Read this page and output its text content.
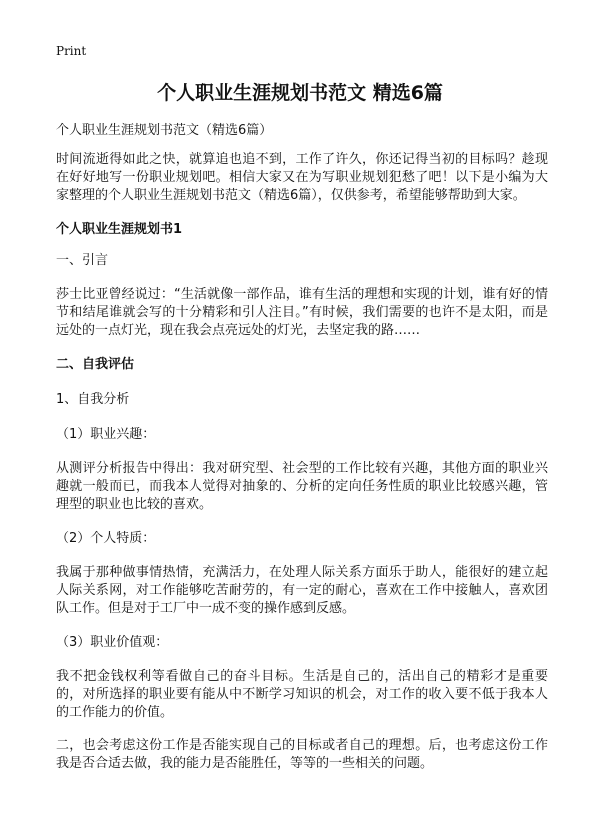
Print
个人职业生涯规划书范文 精选6篇

个人职业生涯规划书范文（精选6篇）

时间流逝得如此之快，就算追也追不到，工作了许久，你还记得当初的目标吗？趁现在好好地写一份职业规划吧。相信大家又在为写职业规划犯愁了吧！以下是小编为大家整理的个人职业生涯规划书范文（精选6篇），仅供参考，希望能够帮助到大家。

个人职业生涯规划书1

一、引言

莎士比亚曾经说过：“生活就像一部作品，谁有生活的理想和实现的计划，谁有好的情节和结尾谁就会写的十分精彩和引人注目。”有时候，我们需要的也许不是太阳，而是远处的一点灯光，现在我会点亮远处的灯光，去坚定我的路……

二、自我评估

1、自我分析

（1）职业兴趣：

从测评分析报告中得出：我对研究型、社会型的工作比较有兴趣，其他方面的职业兴趣就一般而已，而我本人觉得对抽象的、分析的定向任务性质的职业比较感兴趣，管理型的职业也比较的喜欢。

（2）个人特质：

我属于那种做事情热情，充满活力，在处理人际关系方面乐于助人，能很好的建立起人际关系网，对工作能够吃苦耐劳的，有一定的耐心，喜欢在工作中接触人，喜欢团队工作。但是对于工厂中一成不变的操作感到反感。

（3）职业价值观：

我不把金钱权利等看做自己的奋斗目标。生活是自己的，活出自己的精彩才是重要的，对所选择的职业要有能从中不断学习知识的机会，对工作的收入要不低于我本人的工作能力的价值。

二，也会考虑这份工作是否能实现自己的目标或者自己的理想。后，也考虑这份工作我是否合适去做，我的能力是否能胜任，等等的一些相关的问题。
